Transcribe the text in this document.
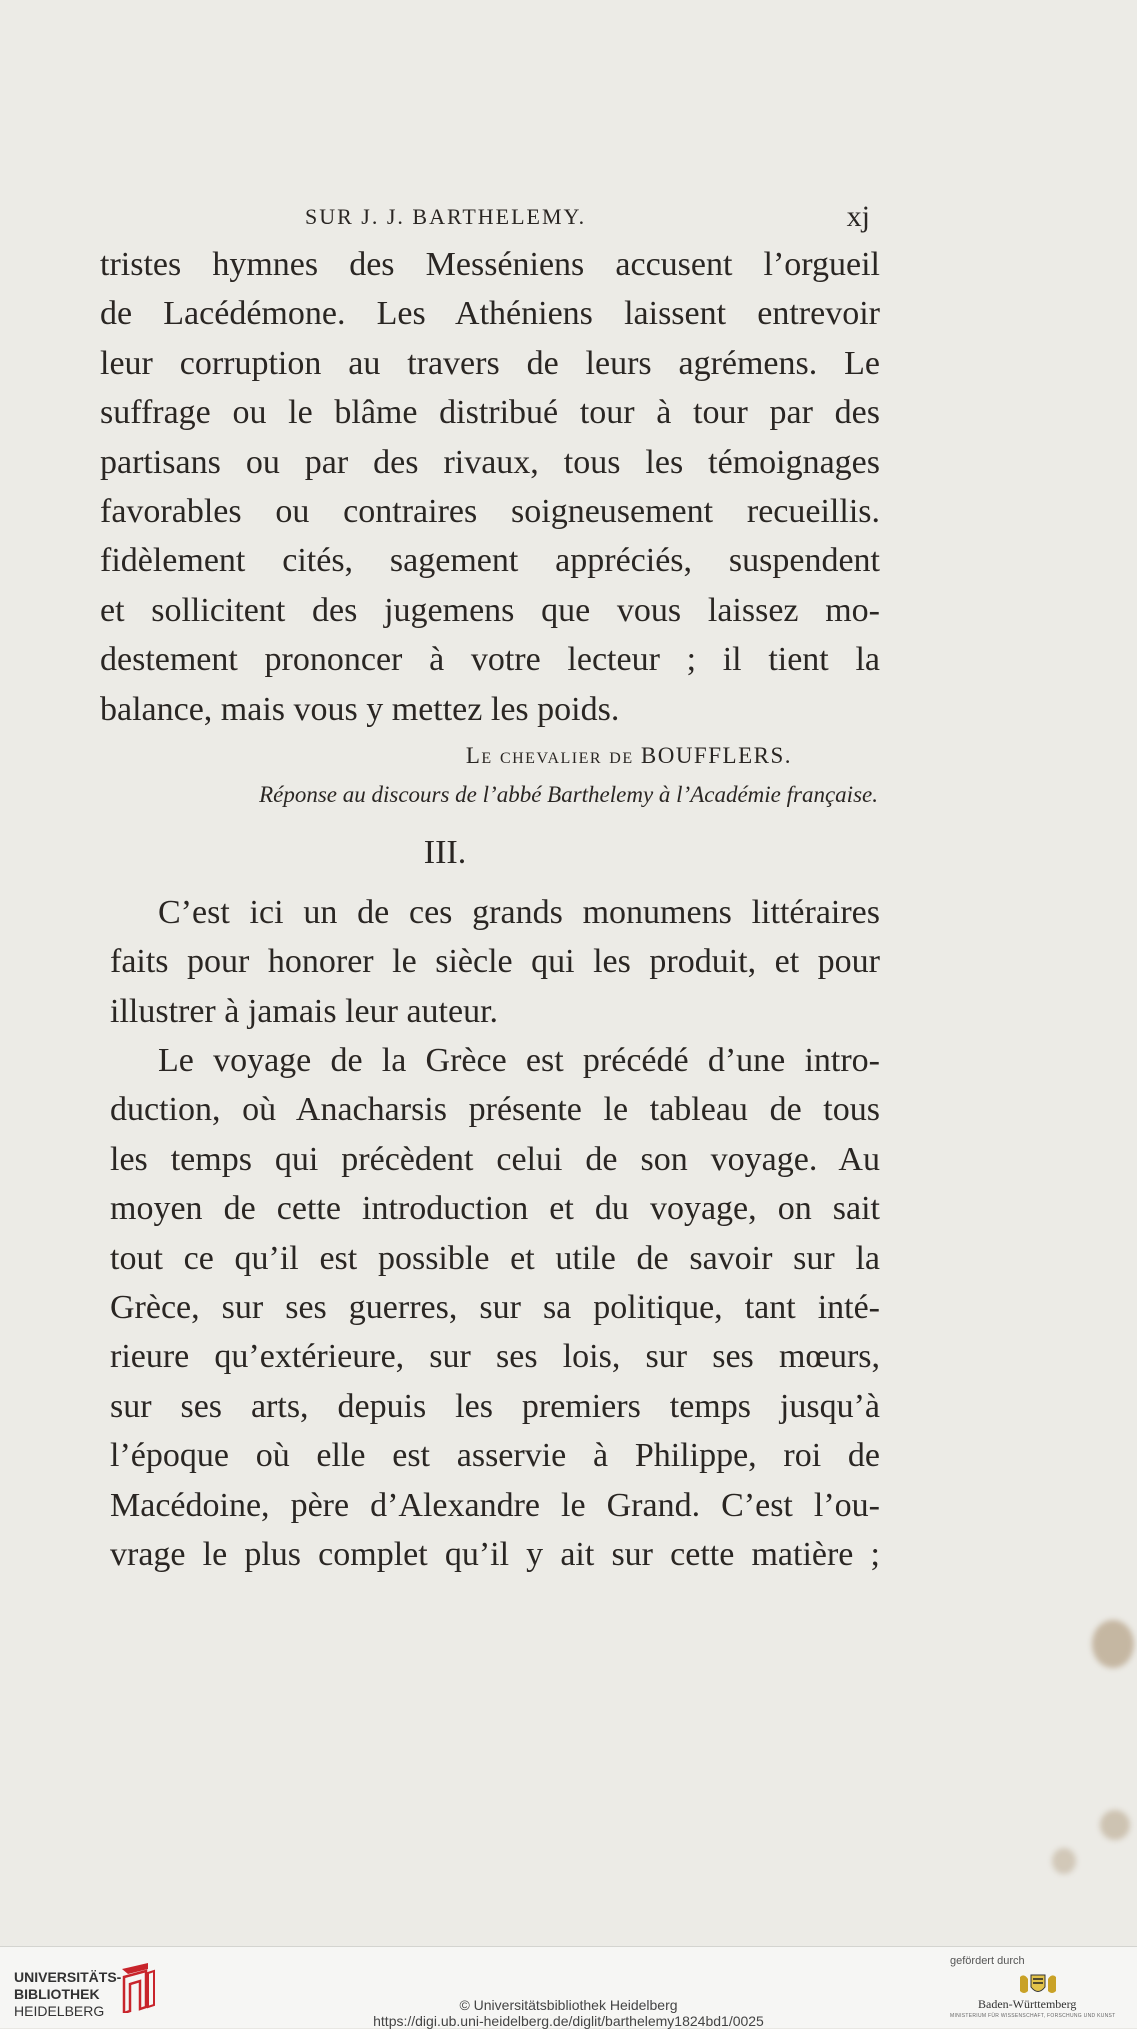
SUR J. J. BARTHELEMY.	xj
tristes hymnes des Messéniens accusent l’orgueil
de Lacédémone. Les Athéniens laissent entrevoir
leur corruption au travers de leurs agrémens. Le
suffrage ou le blâme distribué tour à tour par des
partisans ou par des rivaux, tous les témoignages
favorables ou contraires soigneusement recueillis.
fidèlement cités, sagement appréciés, suspendent
et sollicitent des jugemens que vous laissez mo-
destement prononcer à votre lecteur ; il tient la
balance, mais vous y mettez les poids.
Le chevalier de BOUFFLERS.
Réponse au discours de l’abbé Barthelemy à l’Académie française.
III.
C’est ici un de ces grands monumens littéraires
faits pour honorer le siècle qui les produit, et pour
illustrer à jamais leur auteur.
Le voyage de la Grèce est précédé d’une intro-
duction, où Anacharsis présente le tableau de tous
les temps qui précèdent celui de son voyage. Au
moyen de cette introduction et du voyage, on sait
tout ce qu’il est possible et utile de savoir sur la
Grèce, sur ses guerres, sur sa politique, tant inté-
rieure qu’extérieure, sur ses lois, sur ses mœurs,
sur ses arts, depuis les premiers temps jusqu’à
l’époque où elle est asservie à Philippe, roi de
Macédoine, père d’Alexandre le Grand. C’est l’ou-
vrage le plus complet qu’il y ait sur cette matière ;
UNIVERSITÄTS-
BIBLIOTHEK
HEIDELBERG	© Universitätsbibliothek Heidelberg
https://digi.ub.uni-heidelberg.de/diglit/barthelemy1824bd1/0025
gefördert durch
Baden-Württemberg
MINISTERIUM FÜR WISSENSCHAFT, FORSCHUNG UND KUNST
